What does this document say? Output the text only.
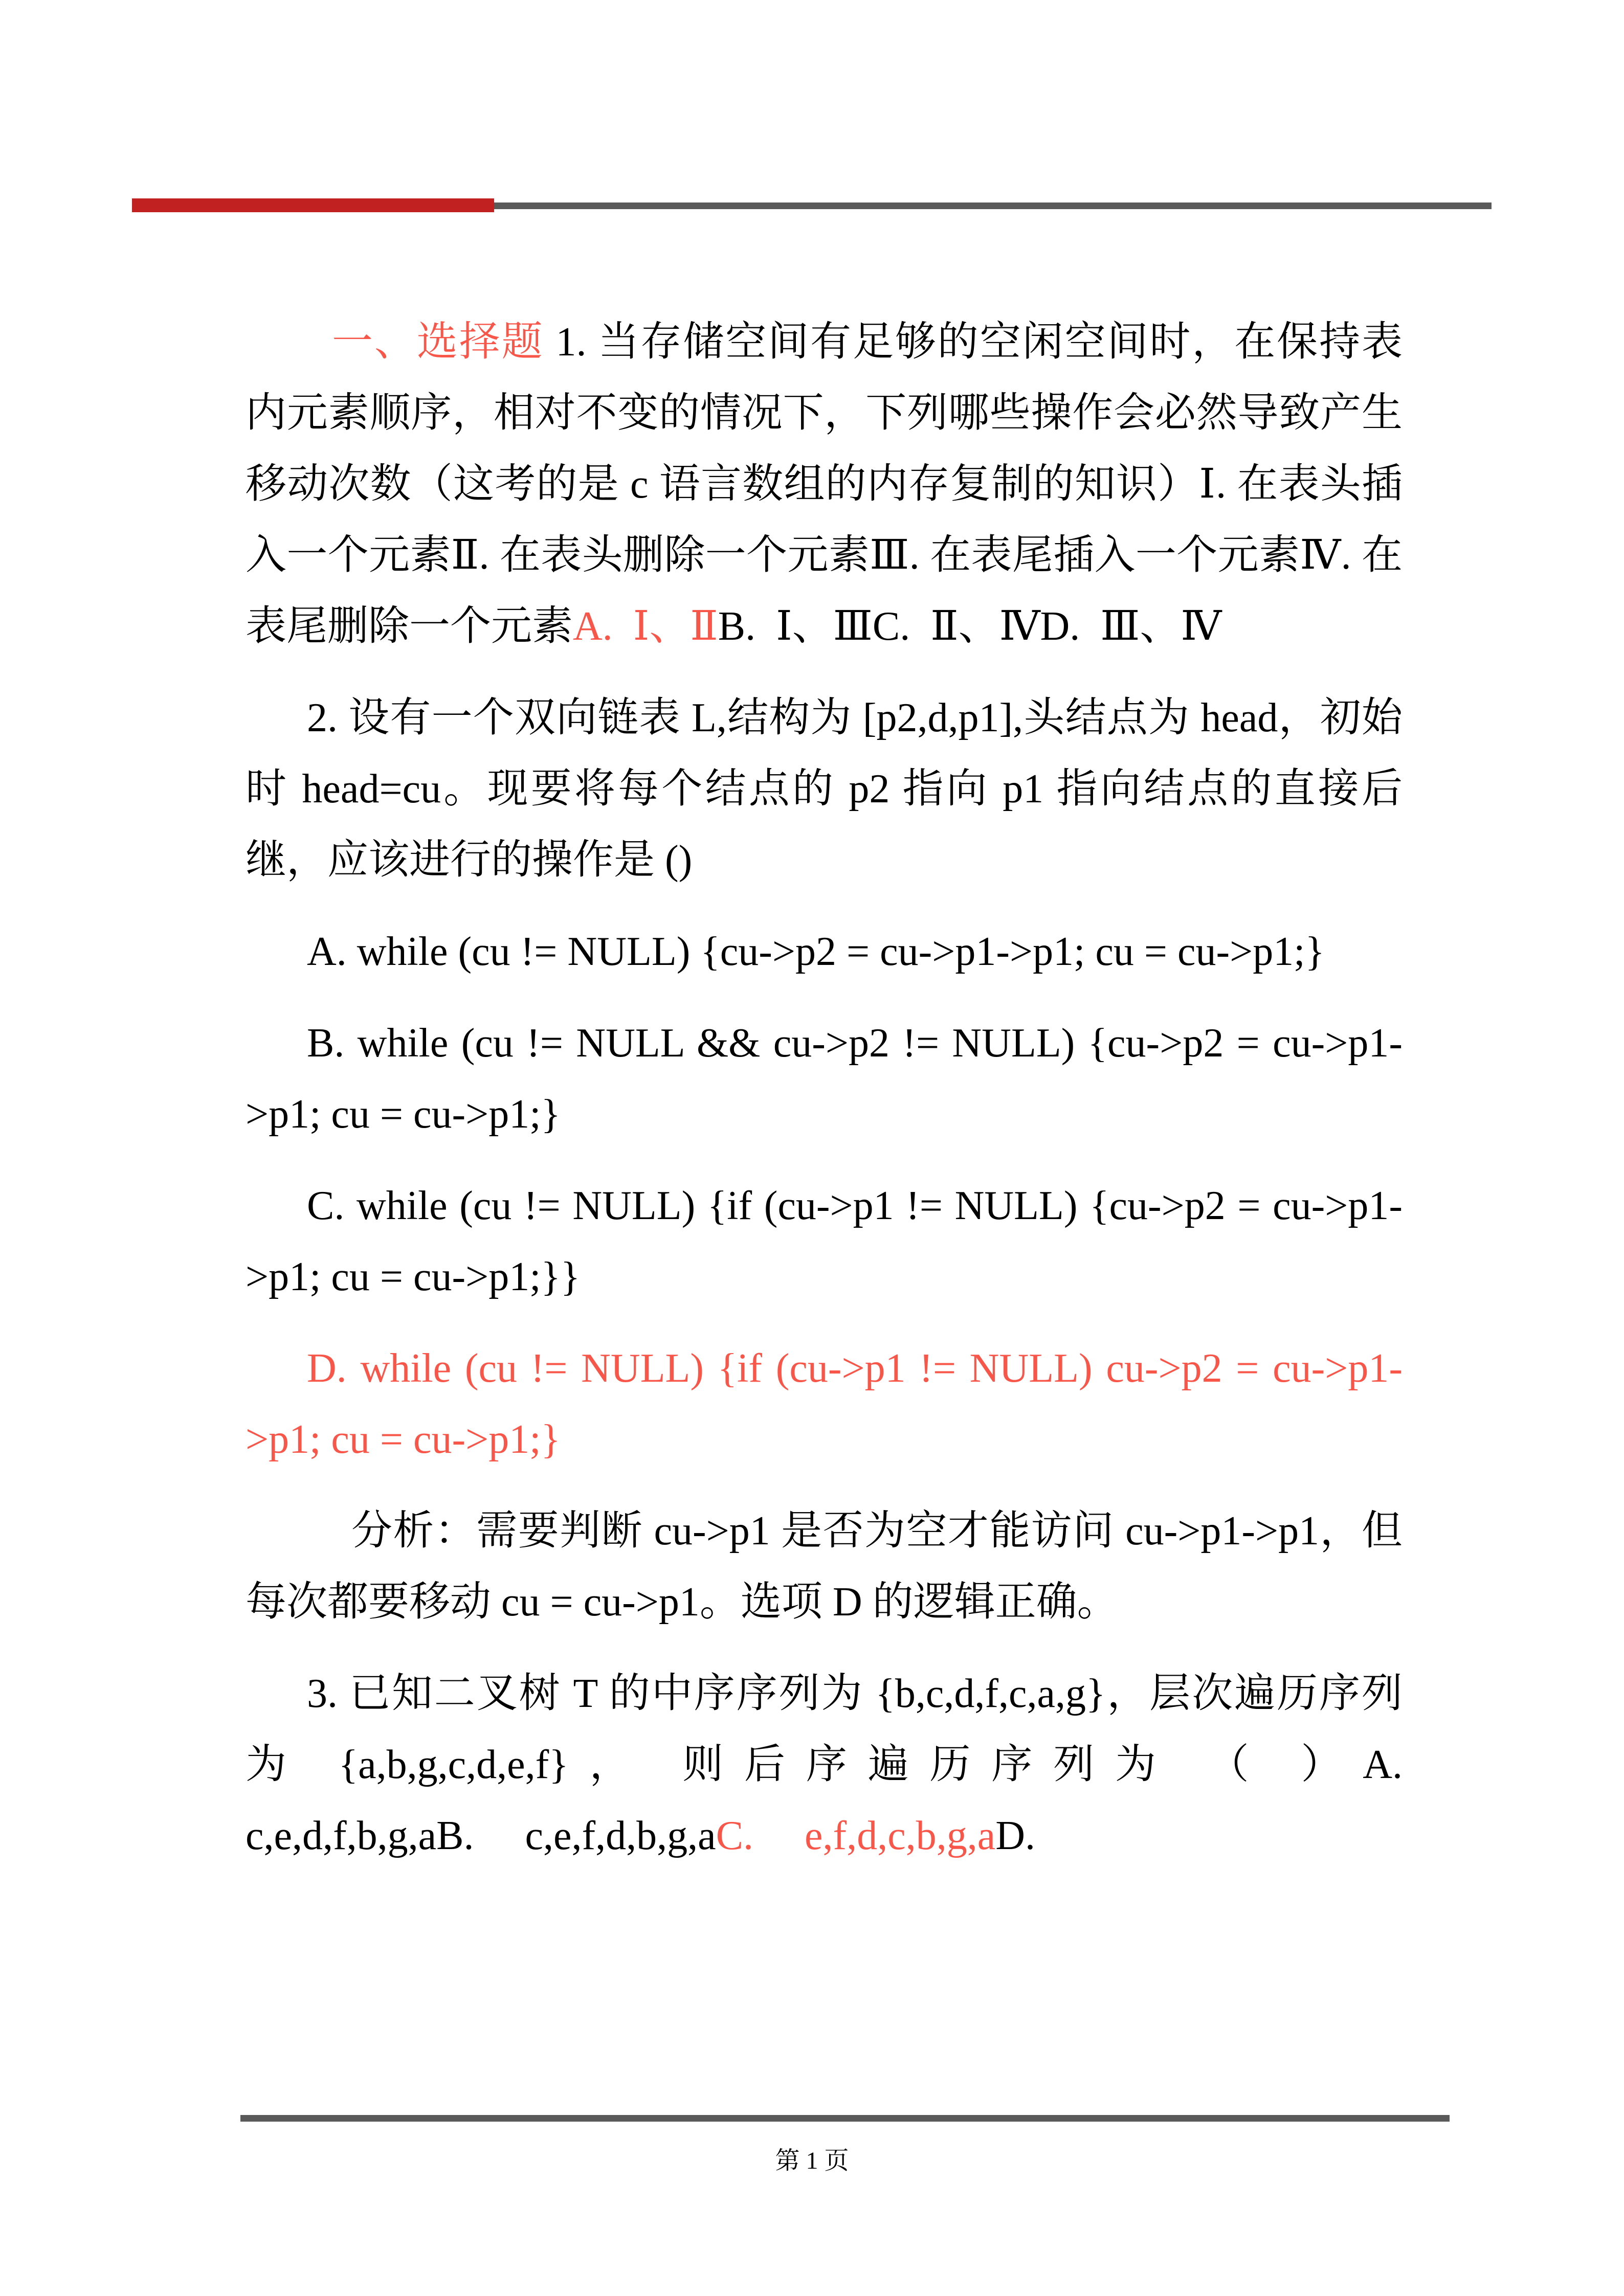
一、选择题 1. 当存储空间有足够的空闲空间时，在保持表内元素顺序，相对不变的情况下，下列哪些操作会必然导致产生移动次数（这考的是 c 语言数组的内存复制的知识）Ⅰ. 在表头插入一个元素Ⅱ. 在表头删除一个元素Ⅲ. 在表尾插入一个元素Ⅳ. 在表尾删除一个元素A.  Ⅰ、ⅡB.  Ⅰ、ⅢC.  Ⅱ、ⅣD.  Ⅲ、Ⅳ

2. 设有一个双向链表 L,结构为 [p2,d,p1],头结点为 head，初始时 head=cu。现要将每个结点的 p2 指向 p1 指向结点的直接后继，应该进行的操作是 ()

A. while (cu != NULL) {cu->p2 = cu->p1->p1; cu = cu->p1;}

B. while (cu != NULL && cu->p2 != NULL) {cu->p2 = cu->p1->p1; cu = cu->p1;}

C. while (cu != NULL) {if (cu->p1 != NULL) {cu->p2 = cu->p1->p1; cu = cu->p1;}}

D. while (cu != NULL) {if (cu->p1 != NULL) cu->p2 = cu->p1->p1; cu = cu->p1;}

分析：需要判断 cu->p1 是否为空才能访问 cu->p1->p1，但每次都要移动 cu = cu->p1。选项 D 的逻辑正确。

3. 已知二叉树 T 的中序序列为 {b,c,d,f,c,a,g}，层次遍历序列为 {a,b,g,c,d,e,f}， 则后序遍历序列为 （ ）A. c,e,d,f,b,g,aB.     c,e,f,d,b,g,aC.     e,f,d,c,b,g,aD.

第 1 页
